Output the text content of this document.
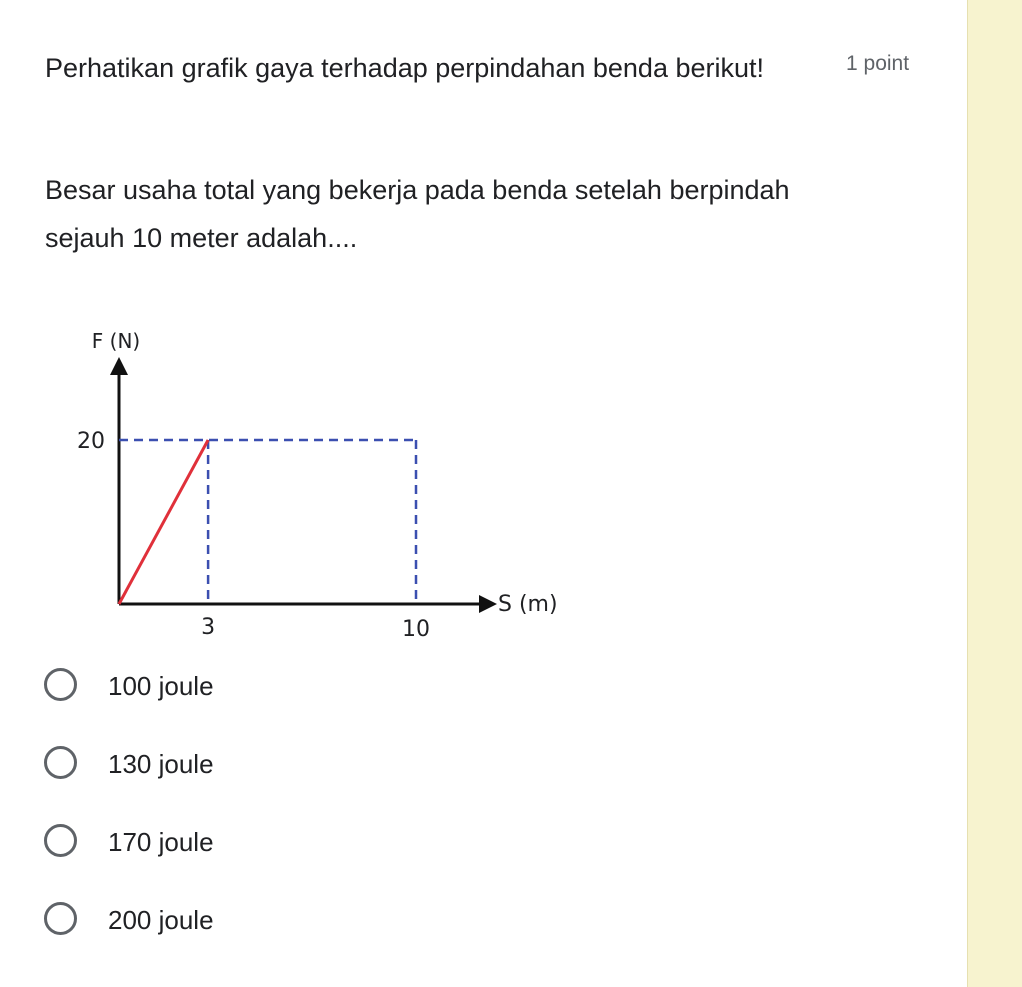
Perhatikan grafik gaya terhadap perpindahan benda berikut!	1 point

Besar usaha total yang bekerja pada benda setelah berpindah sejauh 10 meter adalah....

F (N)
S (m)
20
3	10
100 joule
130 joule
170 joule
200 joule
